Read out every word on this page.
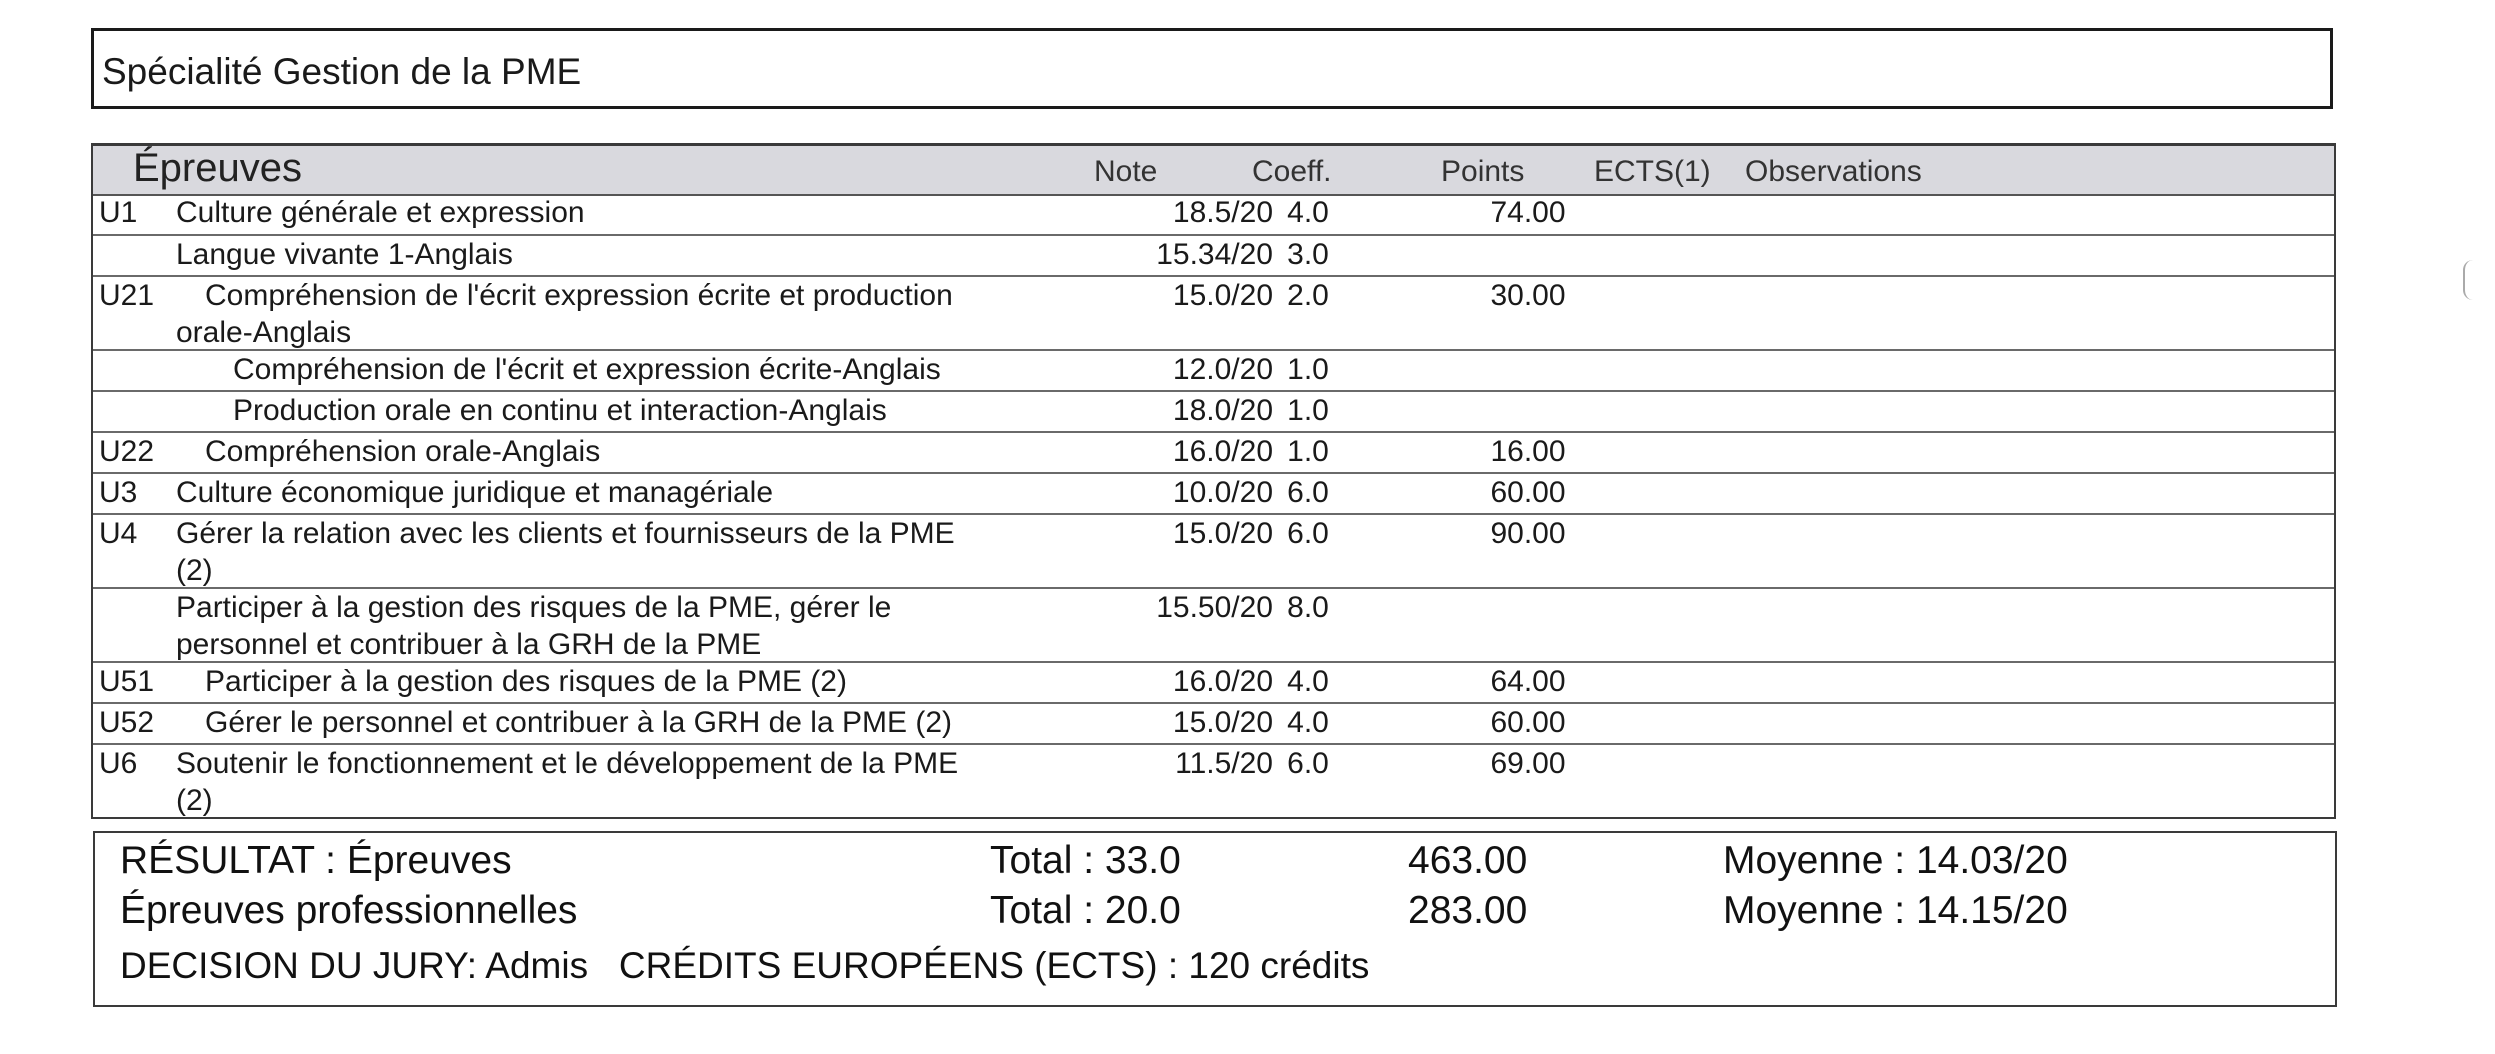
Spécialité Gestion de la PME
Épreuves	Note	Coeff.	Points ECTS(1) Observations
U1 Culture générale et expression	18.5/20 4.0	74.00
Langue vivante 1-Anglais	15.34/20 3.0
U21 Compréhension de l'écrit expression écrite et production
orale-Anglais
15.0/20 2.0	30.00
Compréhension de l'écrit et expression écrite-Anglais	12.0/20 1.0
Production orale en continu et interaction-Anglais	18.0/20 1.0
U22 Compréhension orale-Anglais	16.0/20 1.0	16.00
U3 Culture économique juridique et managériale	10.0/20 6.0	60.00
U4 Gérer la relation avec les clients et fournisseurs de la PME
(2)
15.0/20 6.0	90.00
Participer à la gestion des risques de la PME, gérer le
personnel et contribuer à la GRH de la PME
15.50/20 8.0
U51 Participer à la gestion des risques de la PME (2)	16.0/20 4.0	64.00
U52 Gérer le personnel et contribuer à la GRH de la PME (2)	15.0/20 4.0	60.00
U6 Soutenir le fonctionnement et le développement de la PME
(2)
11.5/20 6.0	69.00
RÉSULTAT : Épreuves	Total : 33.0	463.00	Moyenne : 14.03/20
Épreuves professionnelles	Total : 20.0	283.00	Moyenne : 14.15/20
DECISION DU JURY: Admis   CRÉDITS EUROPÉENS (ECTS) : 120 crédits
